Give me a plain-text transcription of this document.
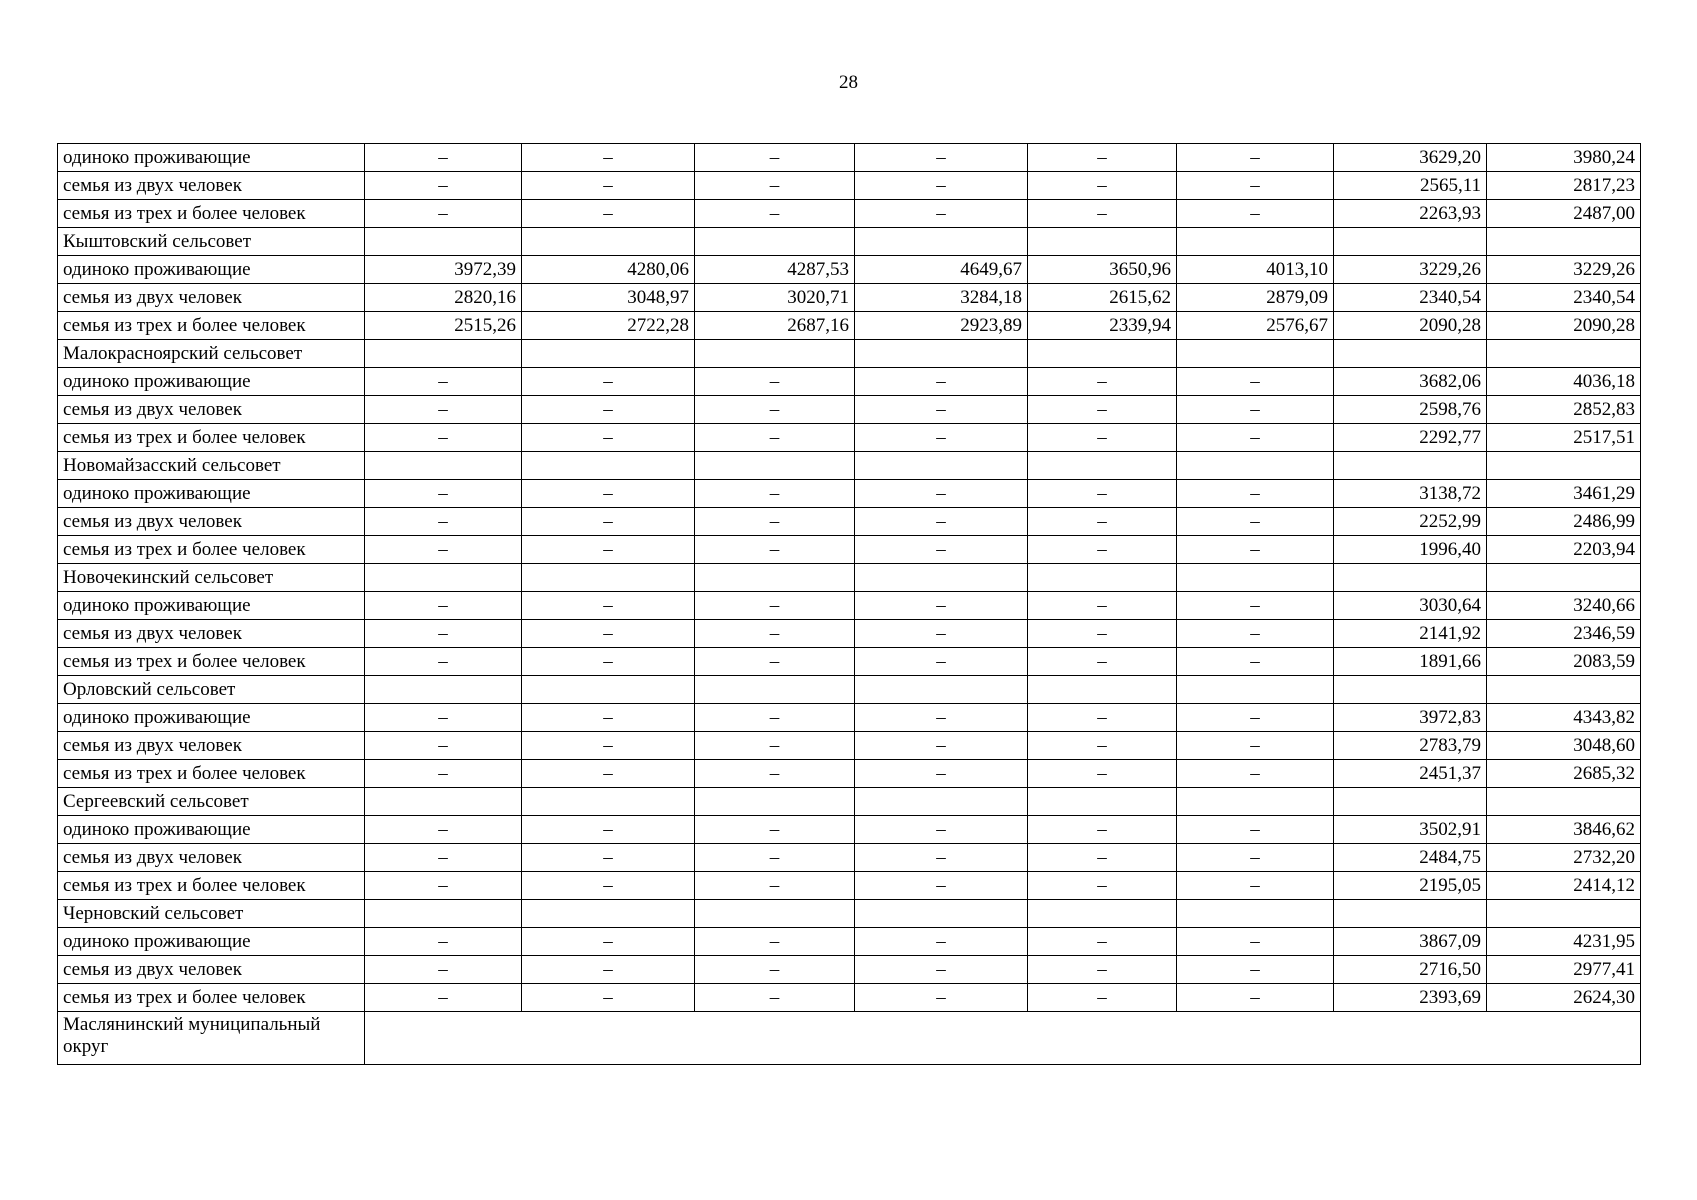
28
одиноко проживающие	–	–	–	–	–	–	3629,20	3980,24
семья из двух человек	–	–	–	–	–	–	2565,11	2817,23
семья из трех и более человек	–	–	–	–	–	–	2263,93	2487,00
Кыштовский сельсовет								
одиноко проживающие	3972,39	4280,06	4287,53	4649,67	3650,96	4013,10	3229,26	3229,26
семья из двух человек	2820,16	3048,97	3020,71	3284,18	2615,62	2879,09	2340,54	2340,54
семья из трех и более человек	2515,26	2722,28	2687,16	2923,89	2339,94	2576,67	2090,28	2090,28
Малокрасноярский сельсовет								
одиноко проживающие	–	–	–	–	–	–	3682,06	4036,18
семья из двух человек	–	–	–	–	–	–	2598,76	2852,83
семья из трех и более человек	–	–	–	–	–	–	2292,77	2517,51
Новомайзасский сельсовет								
одиноко проживающие	–	–	–	–	–	–	3138,72	3461,29
семья из двух человек	–	–	–	–	–	–	2252,99	2486,99
семья из трех и более человек	–	–	–	–	–	–	1996,40	2203,94
Новочекинский сельсовет								
одиноко проживающие	–	–	–	–	–	–	3030,64	3240,66
семья из двух человек	–	–	–	–	–	–	2141,92	2346,59
семья из трех и более человек	–	–	–	–	–	–	1891,66	2083,59
Орловский сельсовет								
одиноко проживающие	–	–	–	–	–	–	3972,83	4343,82
семья из двух человек	–	–	–	–	–	–	2783,79	3048,60
семья из трех и более человек	–	–	–	–	–	–	2451,37	2685,32
Сергеевский сельсовет								
одиноко проживающие	–	–	–	–	–	–	3502,91	3846,62
семья из двух человек	–	–	–	–	–	–	2484,75	2732,20
семья из трех и более человек	–	–	–	–	–	–	2195,05	2414,12
Черновский сельсовет								
одиноко проживающие	–	–	–	–	–	–	3867,09	4231,95
семья из двух человек	–	–	–	–	–	–	2716,50	2977,41
семья из трех и более человек	–	–	–	–	–	–	2393,69	2624,30
Маслянинский муниципальный округ								
